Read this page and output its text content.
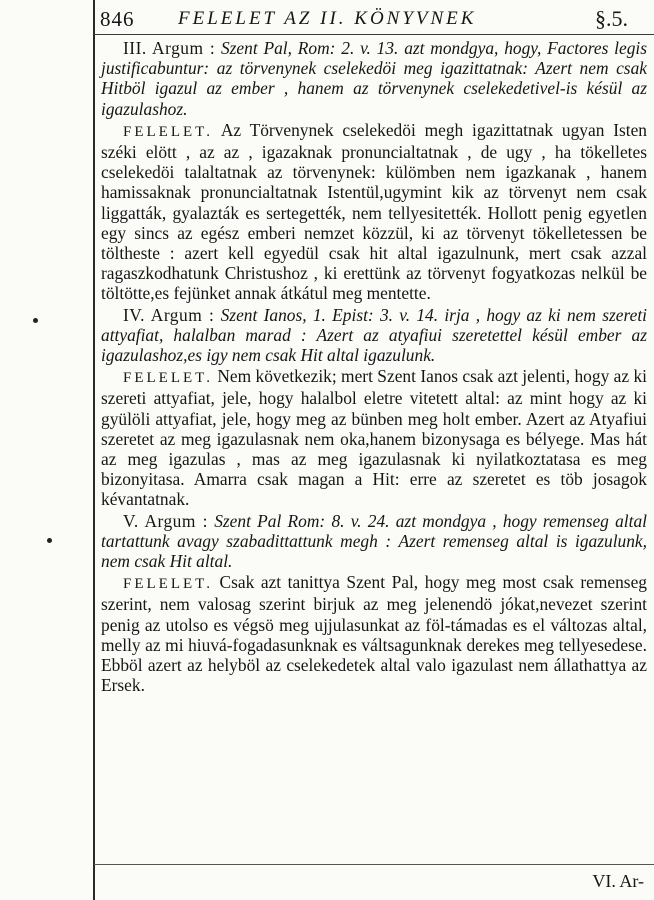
846 FELELET AZ II. KÖNYVNEK	§.5.

III. Argum : Szent Pal, Rom: 2. v. 13. azt mondgya, hogy, Factores legis justificabuntur: az törvenynek cselekedöi meg igazittatnak: Azert nem csak Hitböl igazul az ember , hanem az törvenynek cselekedetivel-is késül az igazulashoz.

FELELET. Az Törvenynek cselekedöi megh igazittatnak ugyan Isten széki elött , az az , igazaknak pronuncialtatnak , de ugy , ha tökelletes cselekedöi talaltatnak az törvenynek: külömben nem igazkanak , hanem hamissaknak pronuncialtatnak Istentül,ugymint kik az törvenyt nem csak liggatták, gyalazták es sertegették, nem tellyesitették. Hollott penig egyetlen egy sincs az egész emberi nemzet közzül, ki az törvenyt tökelletessen be töltheste : azert kell egyedül csak hit altal igazulnunk, mert csak azzal ragaszkodhatunk Christushoz , ki erettünk az törvenyt fogyatkozas nelkül be töltötte,es fejünket annak átkátul meg mentette.

IV. Argum : Szent Ianos, 1. Epist: 3. v. 14. irja , hogy az ki nem szereti attyafiat, halalban marad : Azert az atyafiui szeretettel késül ember az igazulashoz,es igy nem csak Hit altal igazulunk.

FELELET. Nem következik; mert Szent Ianos csak azt jelenti, hogy az ki szereti attyafiat, jele, hogy halalbol eletre vitetett altal: az mint hogy az ki gyülöli attyafiat, jele, hogy meg az bünben meg holt ember. Azert az Atyafiui szeretet az meg igazulasnak nem oka,hanem bizonysaga es bélyege. Mas hát az meg igazulas , mas az meg igazulasnak ki nyilatkoztatasa es meg bizonyitasa. Amarra csak magan a Hit: erre az szeretet es töb josagok kévantatnak.

V. Argum : Szent Pal Rom: 8. v. 24. azt mondgya , hogy remenseg altal tartattunk avagy szabadittattunk megh : Azert remenseg altal is igazulunk, nem csak Hit altal.

FELELET. Csak azt tanittya Szent Pal, hogy meg most csak remenseg szerint, nem valosag szerint birjuk az meg jelenendö jókat,nevezet szerint penig az utolso es végsö meg ujjulasunkat az föl-támadas es el változas altal, melly az mi hiuvá-fogadasunknak es váltsagunknak derekes meg tellyesedese. Ebböl azert az helyböl az cselekedetek altal valo igazulast nem állathattya az Ersek.

VI. Ar-
